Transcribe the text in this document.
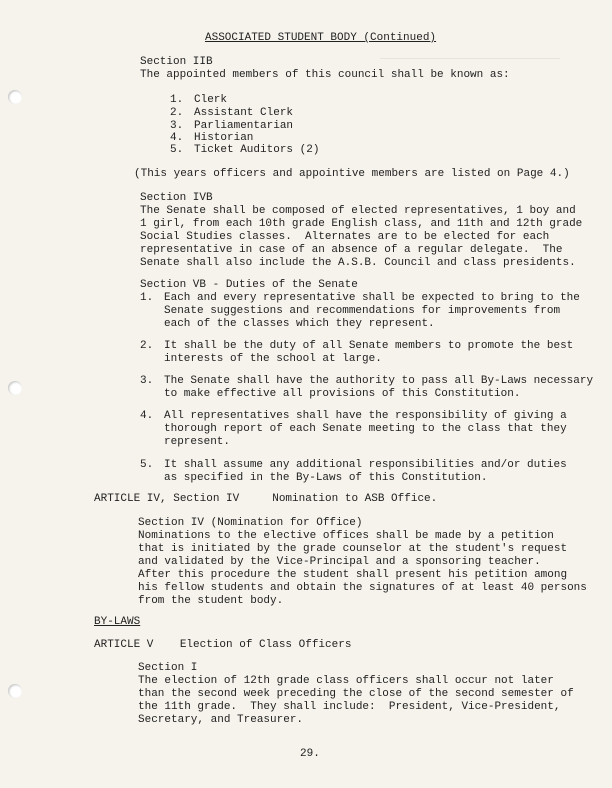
ASSOCIATED STUDENT BODY (Continued)
Section IIB
The appointed members of this council shall be known as:
1. Clerk
2. Assistant Clerk
3. Parliamentarian
4. Historian
5. Ticket Auditors (2)
(This years officers and appointive members are listed on Page 4.)
Section IVB
The Senate shall be composed of elected representatives, 1 boy and
1 girl, from each 10th grade English class, and 11th and 12th grade
Social Studies classes.  Alternates are to be elected for each
representative in case of an absence of a regular delegate.  The
Senate shall also include the A.S.B. Council and class presidents.
Section VB - Duties of the Senate
1. Each and every representative shall be expected to bring to the
Senate suggestions and recommendations for improvements from
each of the classes which they represent.
2. It shall be the duty of all Senate members to promote the best
interests of the school at large.
3. The Senate shall have the authority to pass all By-Laws necessary
to make effective all provisions of this Constitution.
4. All representatives shall have the responsibility of giving a
thorough report of each Senate meeting to the class that they
represent.
5. It shall assume any additional responsibilities and/or duties
as specified in the By-Laws of this Constitution.
ARTICLE IV, Section IV     Nomination to ASB Office.
Section IV (Nomination for Office)
Nominations to the elective offices shall be made by a petition
that is initiated by the grade counselor at the student's request
and validated by the Vice-Principal and a sponsoring teacher.
After this procedure the student shall present his petition among
his fellow students and obtain the signatures of at least 40 persons
from the student body.
BY-LAWS
ARTICLE V    Election of Class Officers
Section I
The election of 12th grade class officers shall occur not later
than the second week preceding the close of the second semester of
the 11th grade.  They shall include:  President, Vice-President,
Secretary, and Treasurer.
29.
